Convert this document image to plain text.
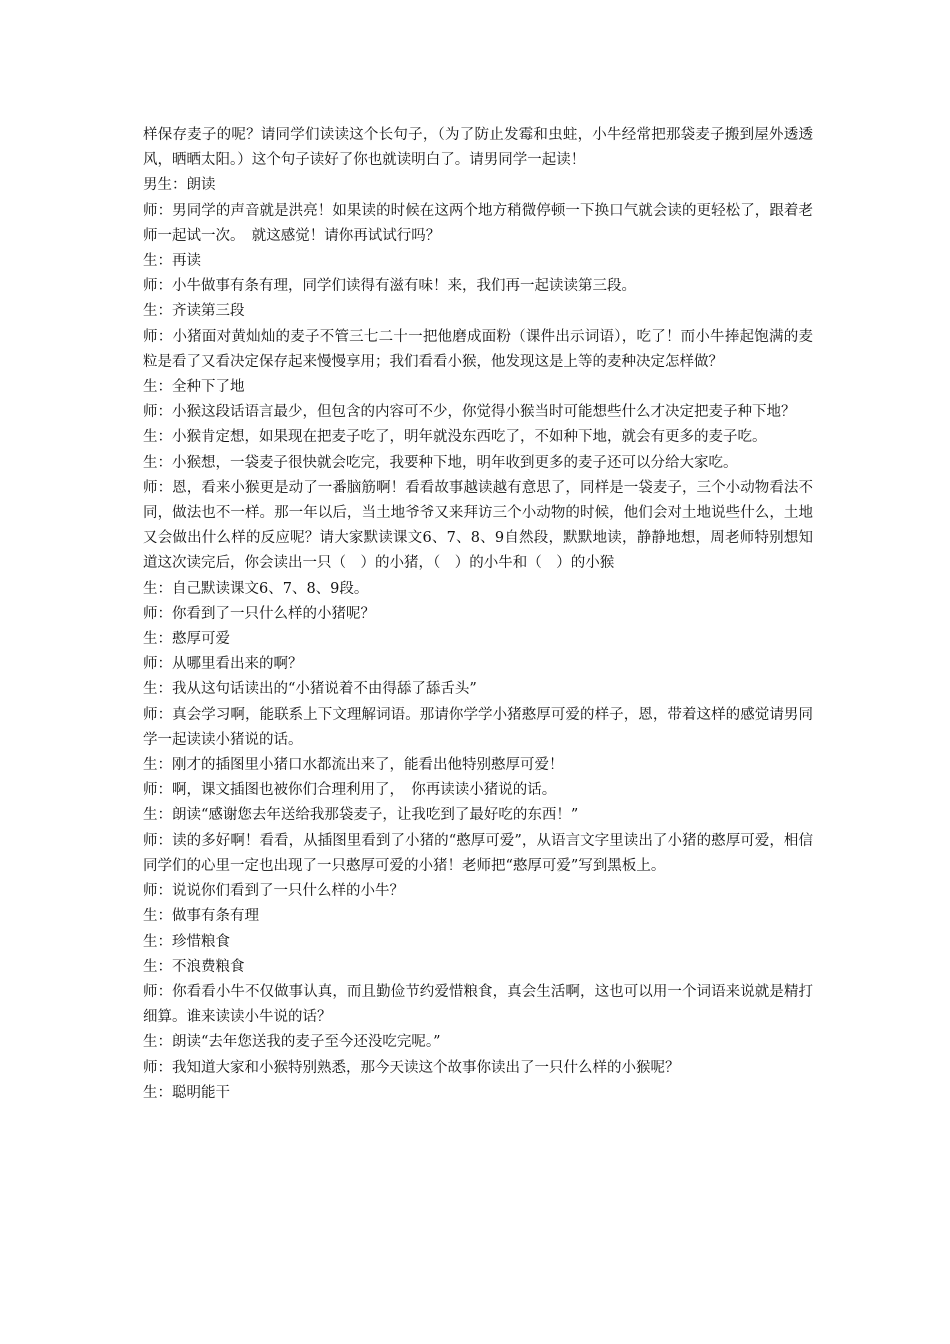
样保存麦子的呢？请同学们读读这个长句子，（为了防止发霉和虫蛀，小牛经常把那袋麦子搬到屋外透透风，晒晒太阳。）这个句子读好了你也就读明白了。请男同学一起读！

男生：朗读

师：男同学的声音就是洪亮！如果读的时候在这两个地方稍微停顿一下换口气就会读的更轻松了，跟着老师一起试一次。　就这感觉！请你再试试行吗？

生：再读

师：小牛做事有条有理，同学们读得有滋有味！来，我们再一起读读第三段。

生：齐读第三段

师：小猪面对黄灿灿的麦子不管三七二十一把他磨成面粉（课件出示词语），吃了！而小牛捧起饱满的麦粒是看了又看决定保存起来慢慢享用；我们看看小猴，他发现这是上等的麦种决定怎样做？

生：全种下了地

师：小猴这段话语言最少，但包含的内容可不少，你觉得小猴当时可能想些什么才决定把麦子种下地？

生：小猴肯定想，如果现在把麦子吃了，明年就没东西吃了，不如种下地，就会有更多的麦子吃。

生：小猴想，一袋麦子很快就会吃完，我要种下地，明年收到更多的麦子还可以分给大家吃。

师：恩，看来小猴更是动了一番脑筋啊！看看故事越读越有意思了，同样是一袋麦子，三个小动物看法不同，做法也不一样。那一年以后，当土地爷爷又来拜访三个小动物的时候，他们会对土地说些什么，土地又会做出什么样的反应呢？请大家默读课文6、7、8、9自然段，默默地读，静静地想，周老师特别想知道这次读完后，你会读出一只（　）的小猪，（　）的小牛和（　）的小猴

生：自己默读课文6、7、8、9段。

师：你看到了一只什么样的小猪呢？

生：憨厚可爱

师：从哪里看出来的啊？

生：我从这句话读出的“小猪说着不由得舔了舔舌头”

师：真会学习啊，能联系上下文理解词语。那请你学学小猪憨厚可爱的样子，恩，带着这样的感觉请男同学一起读读小猪说的话。

生：刚才的插图里小猪口水都流出来了，能看出他特别憨厚可爱！

师：啊，课文插图也被你们合理利用了，　你再读读小猪说的话。

生：朗读“感谢您去年送给我那袋麦子，让我吃到了最好吃的东西！”

师：读的多好啊！看看，从插图里看到了小猪的“憨厚可爱”，从语言文字里读出了小猪的憨厚可爱，相信同学们的心里一定也出现了一只憨厚可爱的小猪！老师把“憨厚可爱”写到黑板上。

师：说说你们看到了一只什么样的小牛？

生：做事有条有理

生：珍惜粮食

生：不浪费粮食

师：你看看小牛不仅做事认真，而且勤俭节约爱惜粮食，真会生活啊，这也可以用一个词语来说就是精打细算。谁来读读小牛说的话？

生：朗读“去年您送我的麦子至今还没吃完呢。”

师：我知道大家和小猴特别熟悉，那今天读这个故事你读出了一只什么样的小猴呢？

生：聪明能干
